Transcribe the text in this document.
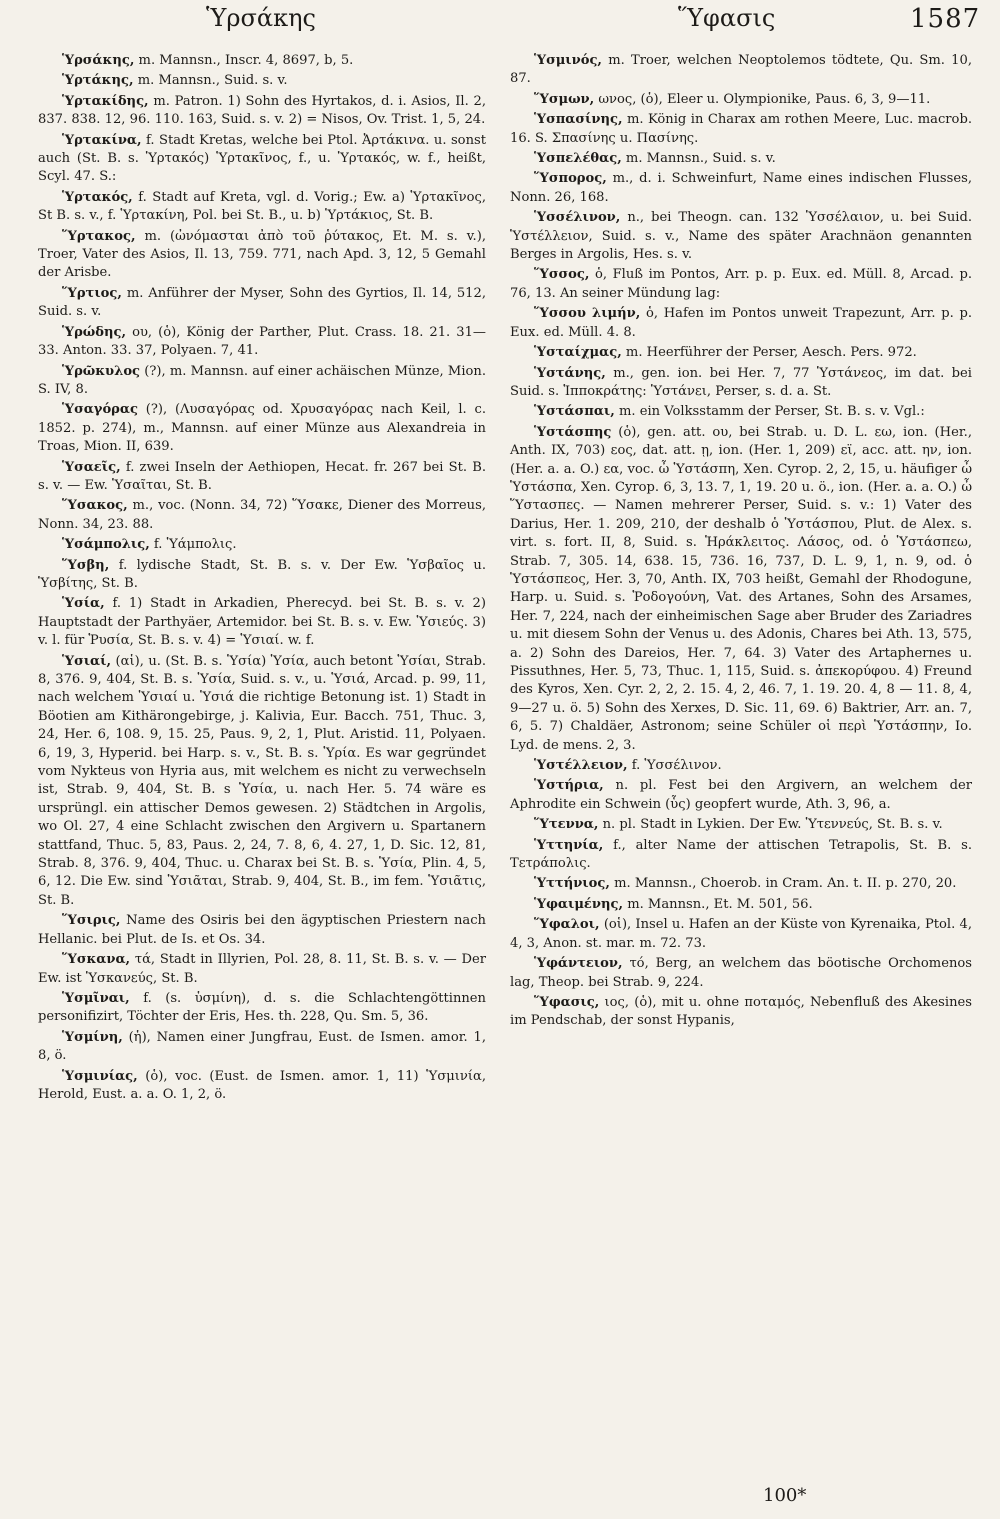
Ὑρσάκης	Ὕφασις	1587

Ὑρσάκης, m. Mannsn., Inscr. 4, 8697, b, 5.

Ὑρτάκης, m. Mannsn., Suid. s. v.

Ὑρτακίδης, m. Patron. 1) Sohn des Hyrtakos, d. i. Asios, Il. 2, 837. 838. 12, 96. 110. 163, Suid. s. v. 2) = Nisos, Ov. Trist. 1, 5, 24.

Ὑρτακίνα, f. Stadt Kretas, welche bei Ptol. Ἀρτάκινα. u. sonst auch (St. B. s. Ὑρτακός) Ὑρτακῖνος, f., u. Ὑρτακός, w. f., heißt, Scyl. 47. S.:

Ὑρτακός, f. Stadt auf Kreta, vgl. d. Vorig.; Ew. a) Ὑρτακῖνος, St B. s. v., f. Ὑρτακίνη, Pol. bei St. B., u. b) Ὑρτάκιος, St. B.

Ὕρτακος, m. (ὠνόμασται ἀπὸ τοῦ ῥύτακος, Et. M. s. v.), Troer, Vater des Asios, Il. 13, 759. 771, nach Apd. 3, 12, 5 Gemahl der Arisbe.

Ὕρτιος, m. Anführer der Myser, Sohn des Gyrtios, Il. 14, 512, Suid. s. v.

Ὑρώδης, ου, (ὁ), König der Parther, Plut. Crass. 18. 21. 31—33. Anton. 33. 37, Polyaen. 7, 41.

Ὑρῶκυλος (?), m. Mannsn. auf einer achäischen Münze, Mion. S. IV, 8.

Ὑσαγόρας (?), (Λυσαγόρας od. Χρυσαγόρας nach Keil, l. c. 1852. p. 274), m., Mannsn. auf einer Münze aus Alexandreia in Troas, Mion. II, 639.

Ὑσαεῖς, f. zwei Inseln der Aethiopen, Hecat. fr. 267 bei St. B. s. v. — Ew. Ὑσαῖται, St. B.

Ὕσακος, m., voc. (Nonn. 34, 72) Ὕσακε, Diener des Morreus, Nonn. 34, 23. 88.

Ὑσάμπολις, f. Ὑάμπολις.

Ὕσβη, f. lydische Stadt, St. B. s. v. Der Ew. Ὑσβαῖος u. Ὑσβίτης, St. B.

Ὑσία, f. 1) Stadt in Arkadien, Pherecyd. bei St. B. s. v. 2) Hauptstadt der Parthyäer, Artemidor. bei St. B. s. v. Ew. Ὑσιεύς. 3) v. l. für Ῥυσία, St. B. s. v. 4) = Ὑσιαί. w. f.

Ὑσιαί, (αἱ), u. (St. B. s. Ὑσία) Ὑσία, auch betont Ὑσίαι, Strab. 8, 376. 9, 404, St. B. s. Ὑσία, Suid. s. v., u. Ὑσιά, Arcad. p. 99, 11, nach welchem Ὑσιαί u. Ὑσιά die richtige Betonung ist. 1) Stadt in Böotien am Kithärongebirge, j. Kalivia, Eur. Bacch. 751, Thuc. 3, 24, Her. 6, 108. 9, 15. 25, Paus. 9, 2, 1, Plut. Aristid. 11, Polyaen. 6, 19, 3, Hyperid. bei Harp. s. v., St. B. s. Ὑρία. Es war gegründet vom Nykteus von Hyria aus, mit welchem es nicht zu verwechseln ist, Strab. 9, 404, St. B. s Ὑσία, u. nach Her. 5. 74 wäre es ursprüngl. ein attischer Demos gewesen. 2) Städtchen in Argolis, wo Ol. 27, 4 eine Schlacht zwischen den Argivern u. Spartanern stattfand, Thuc. 5, 83, Paus. 2, 24, 7. 8, 6, 4. 27, 1, D. Sic. 12, 81, Strab. 8, 376. 9, 404, Thuc. u. Charax bei St. B. s. Ὑσία, Plin. 4, 5, 6, 12. Die Ew. sind Ὑσιᾶται, Strab. 9, 404, St. B., im fem. Ὑσιᾶτις, St. B.

Ὕσιρις, Name des Osiris bei den ägyptischen Priestern nach Hellanic. bei Plut. de Is. et Os. 34.

Ὕσκανα, τά, Stadt in Illyrien, Pol. 28, 8. 11, St. B. s. v. — Der Ew. ist Ὑσκανεύς, St. B.

Ὑσμῖναι, f. (s. ὑσμίνη), d. s. die Schlachtengöttinnen personifizirt, Töchter der Eris, Hes. th. 228, Qu. Sm. 5, 36.

Ὑσμίνη, (ἡ), Namen einer Jungfrau, Eust. de Ismen. amor. 1, 8, ö.

Ὑσμινίας, (ὁ), voc. (Eust. de Ismen. amor. 1, 11) Ὑσμινία, Herold, Eust. a. a. O. 1, 2, ö.

Ὑσμινός, m. Troer, welchen Neoptolemos tödtete, Qu. Sm. 10, 87.

Ὕσμων, ωνος, (ὁ), Eleer u. Olympionike, Paus. 6, 3, 9—11.

Ὑσπασίνης, m. König in Charax am rothen Meere, Luc. macrob. 16. S. Σπασίνης u. Πασίνης.

Ὑσπελέθας, m. Mannsn., Suid. s. v.

Ὕσπορος, m., d. i. Schweinfurt, Name eines indischen Flusses, Nonn. 26, 168.

Ὑσσέλινον, n., bei Theogn. can. 132 Ὑσσέλαιον, u. bei Suid. Ὑστέλλειον, Suid. s. v., Name des später Arachnäon genannten Berges in Argolis, Hes. s. v.

Ὕσσος, ὁ, Fluß im Pontos, Arr. p. p. Eux. ed. Müll. 8, Arcad. p. 76, 13. An seiner Mündung lag:

Ὕσσου λιμήν, ὁ, Hafen im Pontos unweit Trapezunt, Arr. p. p. Eux. ed. Müll. 4. 8.

Ὑσταίχμας, m. Heerführer der Perser, Aesch. Pers. 972.

Ὑστάνης, m., gen. ion. bei Her. 7, 77 Ὑστάνεος, im dat. bei Suid. s. Ἱπποκράτης: Ὑστάνει, Perser, s. d. a. St.

Ὑστάσπαι, m. ein Volksstamm der Perser, St. B. s. v. Vgl.:

Ὑστάσπης (ὁ), gen. att. ου, bei Strab. u. D. L. εω, ion. (Her., Anth. IX, 703) εος, dat. att. ῃ, ion. (Her. 1, 209) εϊ, acc. att. ην, ion. (Her. a. a. O.) εα, voc. ὦ Ὑστάσπη, Xen. Cyrop. 2, 2, 15, u. häufiger ὦ Ὑστάσπα, Xen. Cyrop. 6, 3, 13. 7, 1, 19. 20 u. ö., ion. (Her. a. a. O.) ὦ Ὕστασπες. — Namen mehrerer Perser, Suid. s. v.: 1) Vater des Darius, Her. 1. 209, 210, der deshalb ὁ Ὑστάσπου, Plut. de Alex. s. virt. s. fort. II, 8, Suid. s. Ἡράκλειτος. Λάσος, od. ὁ Ὑστάσπεω, Strab. 7, 305. 14, 638. 15, 736. 16, 737, D. L. 9, 1, n. 9, od. ὁ Ὑστάσπεος, Her. 3, 70, Anth. IX, 703 heißt, Gemahl der Rhodogune, Harp. u. Suid. s. Ῥοδογούνη, Vat. des Artanes, Sohn des Arsames, Her. 7, 224, nach der einheimischen Sage aber Bruder des Zariadres u. mit diesem Sohn der Venus u. des Adonis, Chares bei Ath. 13, 575, a. 2) Sohn des Dareios, Her. 7, 64. 3) Vater des Artaphernes u. Pissuthnes, Her. 5, 73, Thuc. 1, 115, Suid. s. ἀπεκορύφου. 4) Freund des Kyros, Xen. Cyr. 2, 2, 2. 15. 4, 2, 46. 7, 1. 19. 20. 4, 8 — 11. 8, 4, 9—27 u. ö. 5) Sohn des Xerxes, D. Sic. 11, 69. 6) Baktrier, Arr. an. 7, 6, 5. 7) Chaldäer, Astronom; seine Schüler οἱ περὶ Ὑστάσπην, Io. Lyd. de mens. 2, 3.

Ὑστέλλειον, f. Ὑσσέλινον.

Ὑστήρια, n. pl. Fest bei den Argivern, an welchem der Aphrodite ein Schwein (ὗς) geopfert wurde, Ath. 3, 96, a.

Ὕτεννα, n. pl. Stadt in Lykien. Der Ew. Ὑτεννεύς, St. B. s. v.

Ὑττηνία, f., alter Name der attischen Tetrapolis, St. B. s. Τετράπολις.

Ὑττήνιος, m. Mannsn., Choerob. in Cram. An. t. II. p. 270, 20.

Ὑφαιμένης, m. Mannsn., Et. M. 501, 56.

Ὕφαλοι, (οἱ), Insel u. Hafen an der Küste von Kyrenaika, Ptol. 4, 4, 3, Anon. st. mar. m. 72. 73.

Ὑφάντειον, τό, Berg, an welchem das böotische Orchomenos lag, Theop. bei Strab. 9, 224.

Ὕφασις, ιος, (ὁ), mit u. ohne ποταμός, Nebenfluß des Akesines im Pendschab, der sonst Hypanis,

100*
